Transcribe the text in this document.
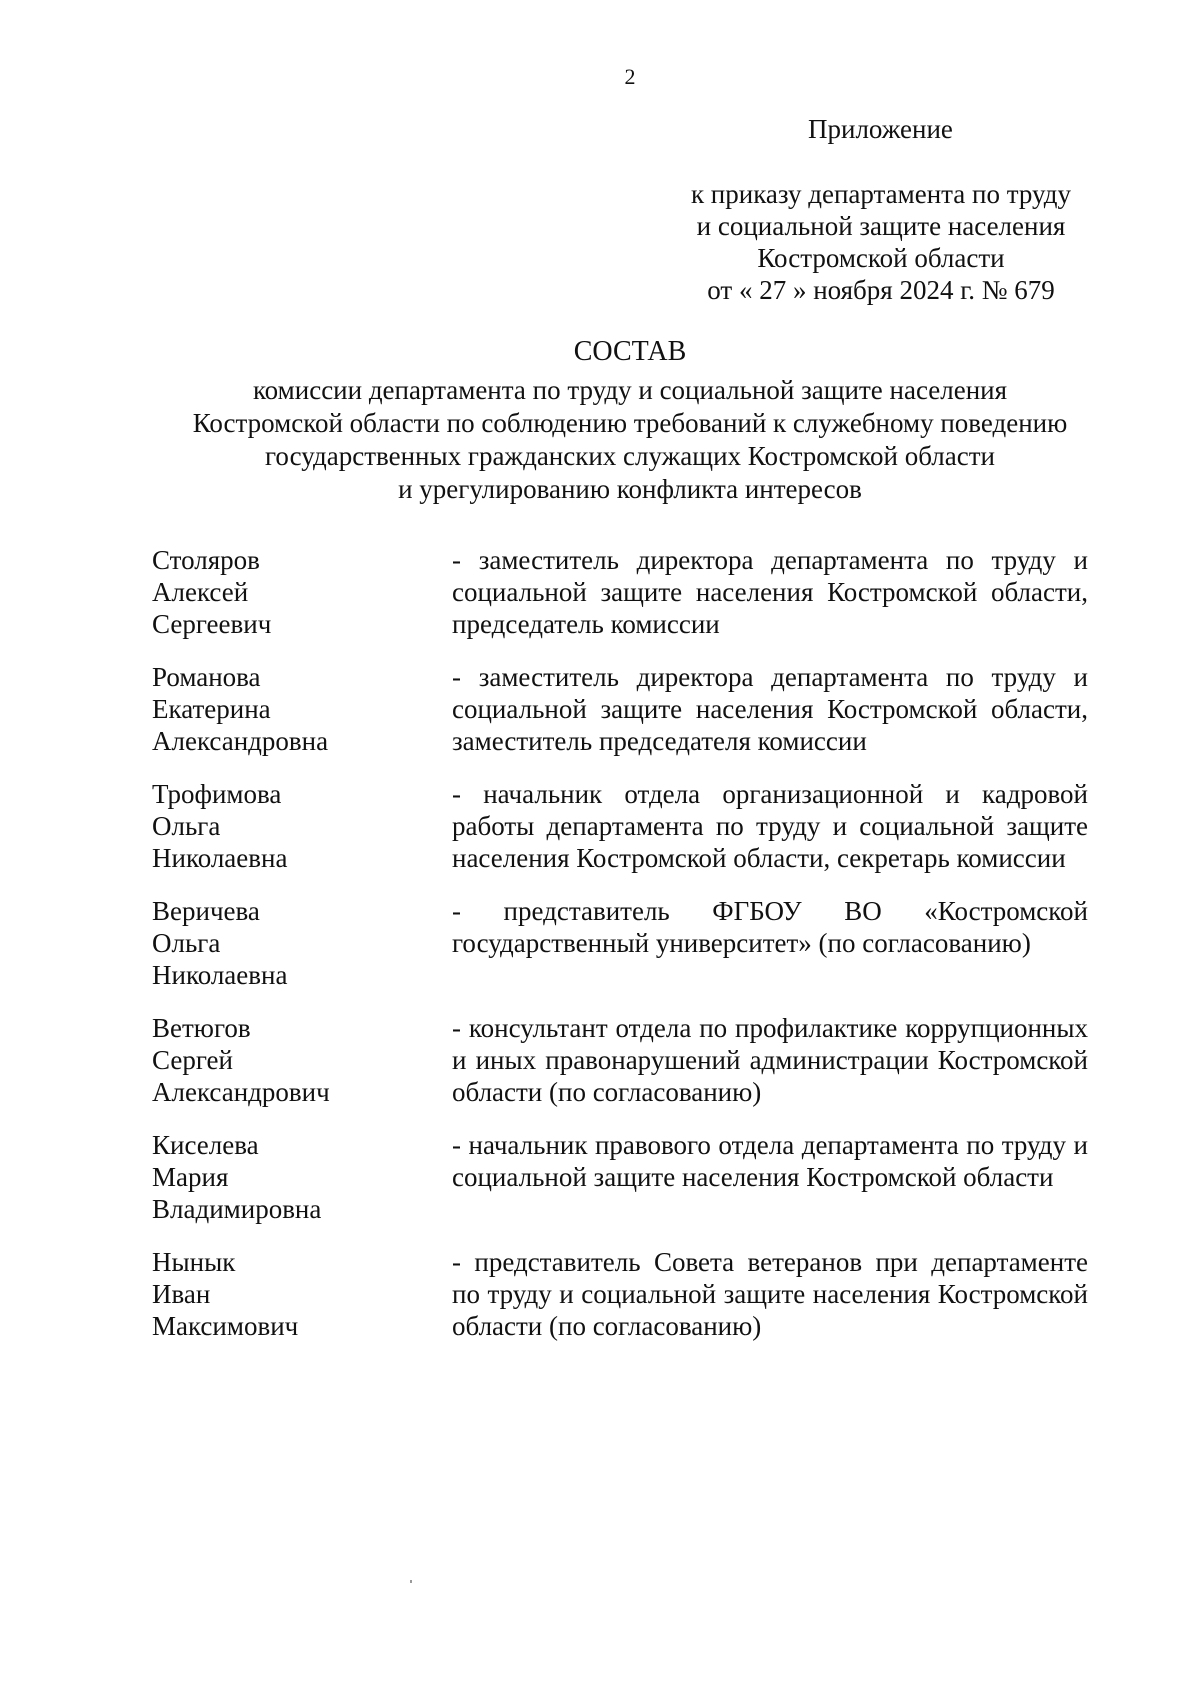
2
Приложение
к приказу департамента по труду
и социальной защите населения
Костромской области
от « 27 » ноября 2024 г. № 679
СОСТАВ
комиссии департамента по труду и социальной защите населения
Костромской области по соблюдению требований к служебному поведению
государственных гражданских служащих Костромской области
и урегулированию конфликта интересов
Столяров
Алексей
Сергеевич
- заместитель директора департамента по труду и социальной защите населения Костромской области, председатель комиссии
Романова
Екатерина
Александровна
- заместитель директора департамента по труду и социальной защите населения Костромской области, заместитель председателя комиссии
Трофимова
Ольга
Николаевна
- начальник отдела организационной и кадровой работы департамента по труду и социальной защите населения Костромской области, секретарь комиссии
Веричева
Ольга
Николаевна
- представитель ФГБОУ ВО «Костромской государственный университет» (по согласованию)
Ветюгов
Сергей
Александрович
- консультант отдела по профилактике коррупционных и иных правонарушений администрации Костромской области (по согласованию)
Киселева
Мария
Владимировна
- начальник правового отдела департамента по труду и социальной защите населения Костромской области
Нынык
Иван
Максимович
- представитель Совета ветеранов при департаменте по труду и социальной защите населения Костромской области (по согласованию)
